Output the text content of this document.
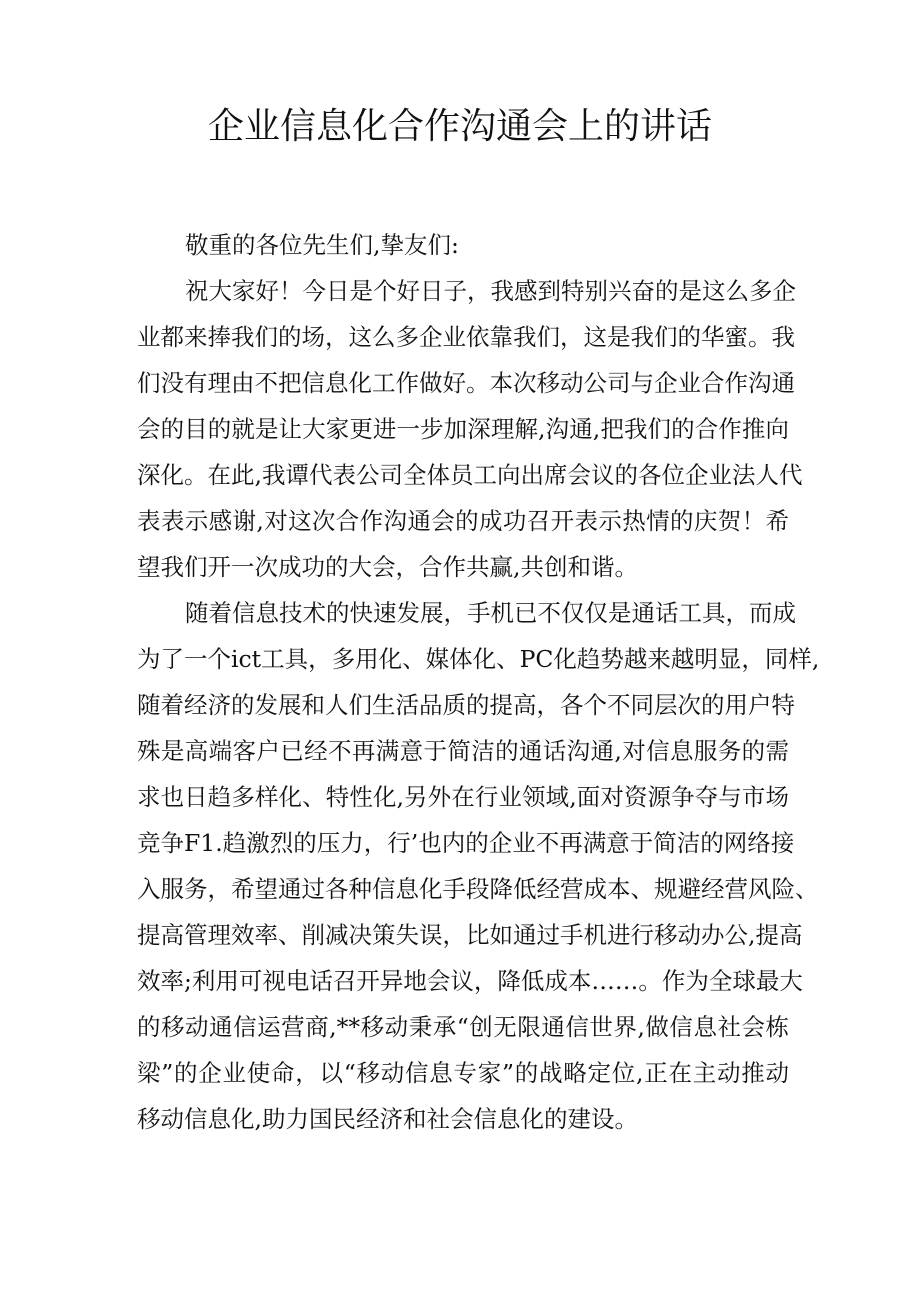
企业信息化合作沟通会上的讲话
敬重的各位先生们,挚友们:
祝大家好！今日是个好日子，我感到特别兴奋的是这么多企
业都来捧我们的场，这么多企业依靠我们，这是我们的华蜜。我
们没有理由不把信息化工作做好。本次移动公司与企业合作沟通
会的目的就是让大家更进一步加深理解,沟通,把我们的合作推向
深化。在此,我谭代表公司全体员工向出席会议的各位企业法人代
表表示感谢,对这次合作沟通会的成功召开表示热情的庆贺！希
望我们开一次成功的大会，合作共赢,共创和谐。
随着信息技术的快速发展，手机已不仅仅是通话工具，而成
为了一个ict工具，多用化、媒体化、PC化趋势越来越明显，同样,
随着经济的发展和人们生活品质的提高，各个不同层次的用户特
殊是高端客户已经不再满意于简洁的通话沟通,对信息服务的需
求也日趋多样化、特性化,另外在行业领域,面对资源争夺与市场
竞争F1.趋激烈的压力，行’也内的企业不再满意于简洁的网络接
入服务，希望通过各种信息化手段降低经营成本、规避经营风险、
提高管理效率、削减决策失误，比如通过手机进行移动办公,提高
效率;利用可视电话召开异地会议，降低成本……。作为全球最大
的移动通信运营商,**移动秉承“创无限通信世界,做信息社会栋
梁”的企业使命，以“移动信息专家”的战略定位,正在主动推动
移动信息化,助力国民经济和社会信息化的建设。
